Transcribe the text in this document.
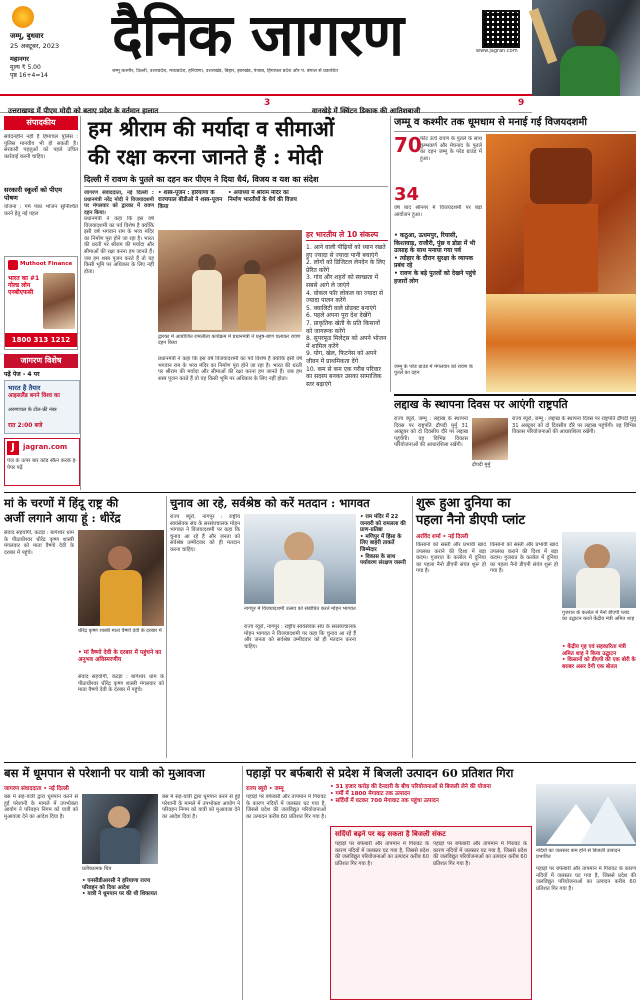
जम्मू, बुधवार
25 अक्टूबर, 2023
महानगर
मूल्य ₹ 5.00
पृष्ठ 16+4=14
दैनिक जागरण
जम्मू कश्मीर, दिल्ली, उत्तरप्रदेश, मध्यप्रदेश, हरियाणा, उत्तराखंड, बिहार, झारखंड, पंजाब, हिमाचल प्रदेश और प. बंगाल से प्रकाशित
www.jagran.com
उत्तराखण्ड में पीएम मोदी को बताए प्रदेश के वर्तमान हालात
3
वानखेड़े में क्विंटन डिकाक की आतिशबाजी
9
संपादकीय
संवेदनहीन नहीं है हिमाचल पुलिस : पुलिस मानवीय भी हो सकती है। सरकारी पहलुओं को पहले उचित कार्रवाई करनी चाहिए।
सरकारी स्कूलों को पीएम पोषण
योजना : गर्म पका भोजन सुनिश्चित करने हेतु नई पहल
Muthoot Finance
भारत का #1 गोल्ड लोन एनबीएफसी
1800 313 1212
जागरण विशेष
पढ़ें पेज - 4 पर
भारत है तैयार
आइसलैंड बनने विश्व का
अरुणाचल के टोल-फ्री नंबर
रात 2:00 बजे
J	jagran.com
पेज के ऊपर बार कोड स्कैन करके ई-पेपर पढ़ें
हम श्रीराम की मर्यादा व सीमाओं
की रक्षा करना जानते हैं : मोदी
दिल्ली में रावण के पुतले का दहन कर पीएम ने दिया धैर्य, विजय व यश का संदेश
जागरण संवाददाता, नई दिल्ली : प्रधानमंत्री नरेंद्र मोदी ने विजयादशमी पर मंगलवार को द्वारका में रावण दहन किया।
प्रधानमंत्री ने कहा कि इस वर्ष विजयादशमी का पर्व विशेष है क्योंकि इसी वर्ष भगवान राम के भव्य मंदिर का निर्माण पूरा होने जा रहा है। भारत की धरती पर श्रीराम की मर्यादा और सीमाओं की रक्षा करना हम जानते हैं। जब हम शस्त्र पूजन करते हैं तो यह किसी भूमि पर अधिकार के लिए नहीं होता।
• शस्त्र-पूजन : हरियाणा के राज्यपाल बीडीओ ने शस्त्र-पूजन किया
• अयोध्या में श्रीराम मंदिर का निर्माण भारतीयों के धैर्य की विजय
द्वारका में आयोजित रामलीला कार्यक्रम में प्रधानमंत्री ने धनुष-बाण चलाकर रावण दहन किया
प्रधानमंत्री ने कहा कि इस वर्ष विजयादशमी का पर्व विशेष है क्योंकि इसी वर्ष भगवान राम के भव्य मंदिर का निर्माण पूरा होने जा रहा है। भारत की धरती पर श्रीराम की मर्यादा और सीमाओं की रक्षा करना हम जानते हैं। जब हम शस्त्र पूजन करते हैं तो यह किसी भूमि पर अधिकार के लिए नहीं होता।
हर भारतीय ले 10 संकल्प
1. आने वाली पीढ़ियों को ध्यान रखते हुए ज्यादा से ज्यादा पानी बचाएंगे
2. लोगों को डिजिटल लेनदेन के लिए प्रेरित करेंगे
3. गांव और शहरों को स्वच्छता में सबसे आगे ले जाएंगे
4. वोकल फॉर लोकल का ज्यादा से ज्यादा पालन करेंगे
5. क्वालिटी वाले प्रोडक्ट बनाएंगे
6. पहले अपना पूरा देश देखेंगे
7. प्राकृतिक खेती के प्रति किसानों को जागरूक करेंगे
8. सुपरफूड मिलेट्स को अपने भोजन में शामिल करेंगे
9. योग, खेल, फिटनेस को अपने जीवन में प्राथमिकता देंगे
10. कम से कम एक गरीब परिवार का सदस्य बनकर उसका सामाजिक स्तर बढ़ाएंगे
जम्मू व कश्मीर तक धूमधाम से मनाई गई विजयदशमी
70
फीट ऊंचे रावण के पुतले के साथ कुम्भकर्ण और मेघनाद के पुतले का दहन जम्मू के परेड ग्राउंड में हुआ।
34
वर्ष बाद श्रीनगर में विजयदशमी पर बड़ा आयोजन हुआ।
• कठुआ, ऊधमपुर, रियासी, किश्तवाड़, राजौरी, पुंछ व डोडा में भी उत्साह के साथ मनाया गया पर्व
• त्योहार के दौरान सुरक्षा के व्यापक प्रबंध रहे
• रावण के बड़े पुतलों को देखने पहुंचे हजारों लोग
जम्मू के परेड ग्राउंड में मंगलवार को रावण के पुतले का दहन
लद्दाख के स्थापना दिवस पर आएंगी राष्ट्रपति
राज्य ब्यूरो, जम्मू : लद्दाख के स्थापना दिवस पर राष्ट्रपति द्रौपदी मुर्मु 31 अक्टूबर को दो दिवसीय दौरे पर लद्दाख पहुंचेंगी। वह विभिन्न विकास परियोजनाओं की आधारशिला रखेंगी।
द्रौपदी मुर्मु
राज्य ब्यूरो, जम्मू : लद्दाख के स्थापना दिवस पर राष्ट्रपति द्रौपदी मुर्मु 31 अक्टूबर को दो दिवसीय दौरे पर लद्दाख पहुंचेंगी। वह विभिन्न विकास परियोजनाओं की आधारशिला रखेंगी।
मां के चरणों में हिंदू राष्ट्र की
अर्जी लगाने आया हूं : धीरेंद्र
संवाद सहयोगी, कटड़ा : बागेश्वर धाम के पीठाधीश्वर धीरेंद्र कृष्ण शास्त्री मंगलवार को माता वैष्णो देवी के दरबार में पहुंचे।
धीरेंद्र कृष्ण शास्त्री माता वैष्णो देवी के दरबार में
• मां वैष्णो देवी के दरबार में पहुंचने का अनुभव अविस्मरणीय
संवाद सहयोगी, कटड़ा : बागेश्वर धाम के पीठाधीश्वर धीरेंद्र कृष्ण शास्त्री मंगलवार को माता वैष्णो देवी के दरबार में पहुंचे।
चुनाव आ रहे, सर्वश्रेष्ठ को करें मतदान : भागवत
राज्य ब्यूरो, नागपुर : राष्ट्रीय स्वयंसेवक संघ के सरसंघचालक मोहन भागवत ने विजयादशमी पर कहा कि चुनाव आ रहे हैं और जनता को सर्वश्रेष्ठ उम्मीदवार को ही मतदान करना चाहिए।
नागपुर में विजयादशमी उत्सव को संबोधित करते मोहन भागवत
राज्य ब्यूरो, नागपुर : राष्ट्रीय स्वयंसेवक संघ के सरसंघचालक मोहन भागवत ने विजयादशमी पर कहा कि चुनाव आ रहे हैं और जनता को सर्वश्रेष्ठ उम्मीदवार को ही मतदान करना चाहिए।
• राम मंदिर में 22 जनवरी को रामलला की प्राण-प्रतिष्ठा
• मणिपुर में हिंसा के लिए बाहरी ताकतें जिम्मेदार
• विकास के साथ पर्यावरण संरक्षण जरूरी
शुरू हुआ दुनिया का
पहला नैनो डीएपी प्लांट
अरविंद शर्मा • नई दिल्ली
किसानों को सस्ती और प्रभावी खाद उपलब्ध कराने की दिशा में बड़ा कदम। गुजरात के कलोल में दुनिया का पहला नैनो डीएपी संयंत्र शुरू हो गया है।
गुजरात के कलोल में नैनो डीएपी प्लांट का उद्घाटन करते केंद्रीय मंत्री अमित शाह
• केंद्रीय गृह एवं सहकारिता मंत्री अमित शाह ने किया उद्घाटन
• किसानों को डीएपी की एक बोरी के बराबर असर देगी एक बोतल
किसानों को सस्ती और प्रभावी खाद उपलब्ध कराने की दिशा में बड़ा कदम। गुजरात के कलोल में दुनिया का पहला नैनो डीएपी संयंत्र शुरू हो गया है।
बस में धूमपान से परेशानी पर यात्री को मुआवजा
जागरण संवाददाता • नई दिल्ली
बस में सह-यात्री द्वारा धूमपान करने से हुई परेशानी के मामले में उपभोक्ता आयोग ने परिवहन निगम को यात्री को मुआवजा देने का आदेश दिया है।
प्रतीकात्मक चित्र
• एनसीडीआरसी ने हरियाणा राज्य परिवहन को दिया आदेश
• यात्री ने धूमपान पर की थी शिकायत
बस में सह-यात्री द्वारा धूमपान करने से हुई परेशानी के मामले में उपभोक्ता आयोग ने परिवहन निगम को यात्री को मुआवजा देने का आदेश दिया है।
पहाड़ों पर बर्फबारी से प्रदेश में बिजली उत्पादन 60 प्रतिशत गिरा
राज्य ब्यूरो • जम्मू
पहाड़ों पर बर्फबारी और तापमान में गिरावट के कारण नदियों में जलस्तर घट गया है, जिससे प्रदेश की जलविद्युत परियोजनाओं का उत्पादन करीब 60 प्रतिशत गिर गया है।
• 31 हजार करोड़ की देनदारी के बीच परियोजनाओं से बिजली लेने की योजना
• गर्मी में 1800 मेगावाट तक उत्पादन
• सर्दियों में घटकर 700 मेगावाट तक पहुंचा उत्पादन
सर्दियों बढ़ने पर बढ़ सकता है बिजली संकट
पहाड़ों पर बर्फबारी और तापमान में गिरावट के कारण नदियों में जलस्तर घट गया है, जिससे प्रदेश की जलविद्युत परियोजनाओं का उत्पादन करीब 60 प्रतिशत गिर गया है।
पहाड़ों पर बर्फबारी और तापमान में गिरावट के कारण नदियों में जलस्तर घट गया है, जिससे प्रदेश की जलविद्युत परियोजनाओं का उत्पादन करीब 60 प्रतिशत गिर गया है।
नदियों का जलस्तर कम होने से बिजली उत्पादन प्रभावित
पहाड़ों पर बर्फबारी और तापमान में गिरावट के कारण नदियों में जलस्तर घट गया है, जिससे प्रदेश की जलविद्युत परियोजनाओं का उत्पादन करीब 60 प्रतिशत गिर गया है।
